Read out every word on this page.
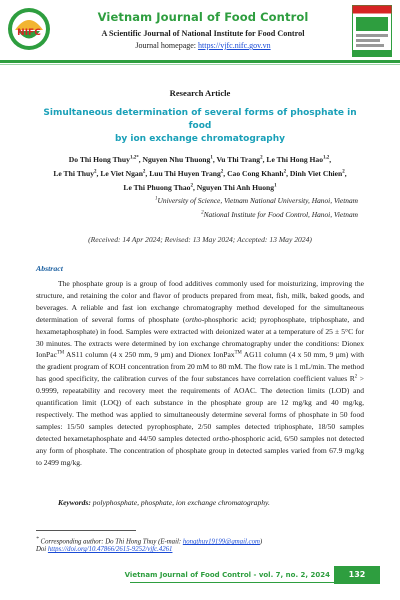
NIFC
Vietnam Journal of Food Control
A Scientific Journal of National Institute for Food Control
Journal homepage: https://vjfc.nifc.gov.vn
Research Article
Simultaneous determination of several forms of phosphate in food
by ion exchange chromatography
Do Thi Hong Thuy$^{1,2*}$, Nguyen Nhu Thuong$^1$, Vu Thi Trang$^2$, Le Thi Hong Hao$^{1,2}$,
Le Thi Thuy$^2$, Le Viet Ngan$^2$, Luu Thi Huyen Trang$^2$, Cao Cong Khanh$^2$, Dinh Viet Chien$^2$,
Le Thi Phuong Thao$^2$, Nguyen Thi Anh Huong$^1$
$^1$University of Science, Vietnam National University, Hanoi, Vietnam
$^2$National Institute for Food Control, Hanoi, Vietnam
(Received: 14 Apr 2024; Revised: 13 May 2024; Accepted: 13 May 2024)
Abstract
The phosphate group is a group of food additives commonly used for moisturizing, improving the structure, and retaining the color and flavor of products prepared from meat, fish, milk, baked goods, and beverages. A reliable and fast ion exchange chromatography method developed for the simultaneous determination of several forms of phosphate (ortho-phosphoric acid; pyrophosphate, triphosphate, and hexametaphosphate) in food. Samples were extracted with deionized water at a temperature of 25 ± 5°C for 30 minutes. The extracts were determined by ion exchange chromatography under the conditions: Dionex IonPac™ AS11 column (4 x 250 mm, 9 µm) and Dionex IonPax™ AG11 column (4 x 50 mm, 9 µm) with the gradient program of KOH concentration from 20 mM to 80 mM. The flow rate is 1 mL/min. The method has good specificity, the calibration curves of the four substances have correlation coefficient values $R^2 > 0.9999$, repeatability and recovery meet the requirements of AOAC. The detection limits (LOD) and quantification limit (LOQ) of each substance in the phosphate group are 12 mg/kg and 40 mg/kg, respectively. The method was applied to simultaneously determine several forms of phosphate in 50 food samples: 15/50 samples detected pyrophosphate, 2/50 samples detected triphosphate, 18/50 samples detected hexametaphosphate and 44/50 samples detected ortho-phosphoric acid, 6/50 samples not detected any form of phosphate. The concentration of phosphate group in detected samples varied from 67.9 mg/kg to 2499 mg/kg.
Keywords: polyphosphate, phosphate, ion exchange chromatography.
* Corresponding author: Do Thi Hong Thuy (E-mail: hongthuy19199@gmail.com)
Doi https://doi.org/10.47866/2615-9252/vjfc.4261
Vietnam Journal of Food Control - vol. 7, no. 2, 2024	132
